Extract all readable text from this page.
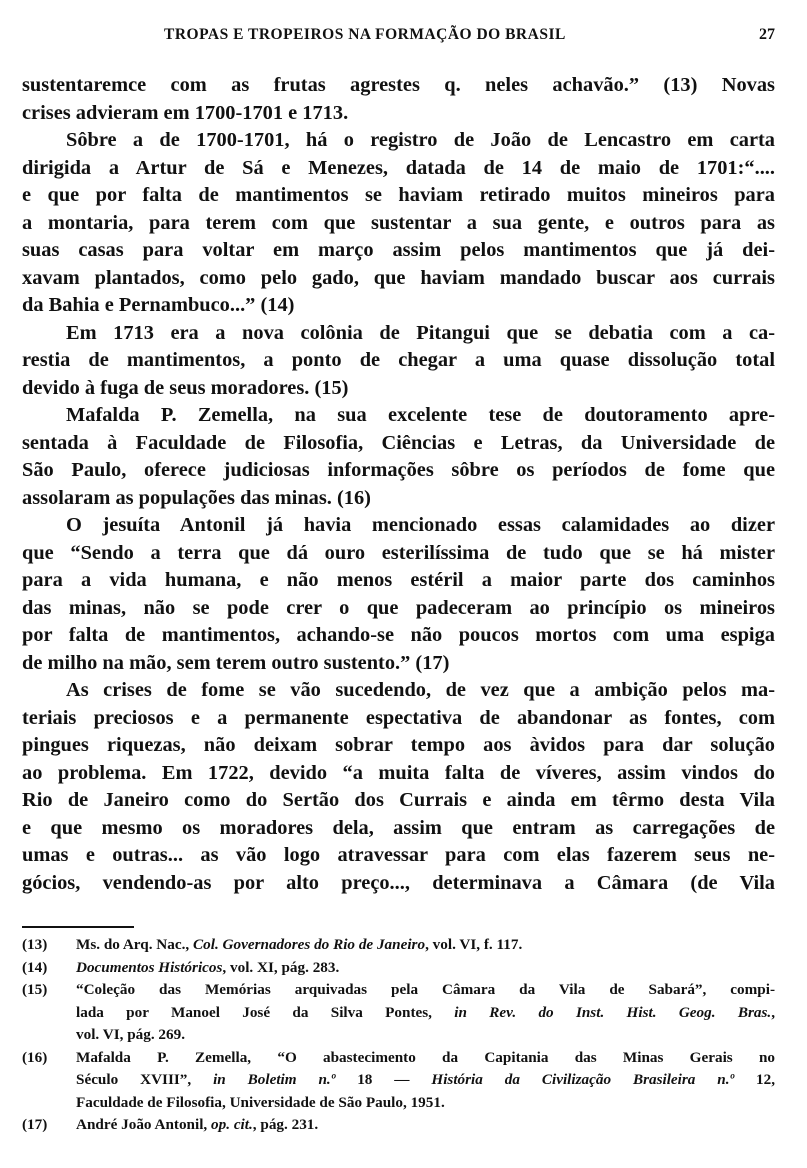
TROPAS E TROPEIROS NA FORMAÇÃO DO BRASIL	27
sustentaremce com as frutas agrestes q. neles achavão.” (13) Novas
crises advieram em 1700-1701 e 1713.
Sôbre a de 1700-1701, há o registro de João de Lencastro em carta
dirigida a Artur de Sá e Menezes, datada de 14 de maio de 1701:“....
e que por falta de mantimentos se haviam retirado muitos mineiros para
a montaria, para terem com que sustentar a sua gente, e outros para as
suas casas para voltar em março assim pelos mantimentos que já dei-
xavam plantados, como pelo gado, que haviam mandado buscar aos currais
da Bahia e Pernambuco...” (14)
Em 1713 era a nova colônia de Pitangui que se debatia com a ca-
restia de mantimentos, a ponto de chegar a uma quase dissolução total
devido à fuga de seus moradores. (15)
Mafalda P. Zemella, na sua excelente tese de doutoramento apre-
sentada à Faculdade de Filosofia, Ciências e Letras, da Universidade de
São Paulo, oferece judiciosas informações sôbre os períodos de fome que
assolaram as populações das minas. (16)
O jesuíta Antonil já havia mencionado essas calamidades ao dizer
que “Sendo a terra que dá ouro esterilíssima de tudo que se há mister
para a vida humana, e não menos estéril a maior parte dos caminhos
das minas, não se pode crer o que padeceram ao princípio os mineiros
por falta de mantimentos, achando-se não poucos mortos com uma espiga
de milho na mão, sem terem outro sustento.” (17)
As crises de fome se vão sucedendo, de vez que a ambição pelos ma-
teriais preciosos e a permanente espectativa de abandonar as fontes, com
pingues riquezas, não deixam sobrar tempo aos àvidos para dar solução
ao problema. Em 1722, devido “a muita falta de víveres, assim vindos do
Rio de Janeiro como do Sertão dos Currais e ainda em têrmo desta Vila
e que mesmo os moradores dela, assim que entram as carregações de
umas e outras... as vão logo atravessar para com elas fazerem seus ne-
gócios, vendendo-as por alto preço..., determinava a Câmara (de Vila
(13)	Ms. do Arq. Nac., Col. Governadores do Rio de Janeiro, vol. VI, f. 117.
(14)	Documentos Históricos, vol. XI, pág. 283.
(15)	“Coleção das Memórias arquivadas pela Câmara da Vila de Sabará”, compi-
lada por Manoel José da Silva Pontes, in Rev. do Inst. Hist. Geog. Bras.,
vol. VI, pág. 269.
(16)	Mafalda P. Zemella, “O abastecimento da Capitania das Minas Gerais no
Século XVIII”, in Boletim n.º 18 — História da Civilização Brasileira n.º 12,
Faculdade de Filosofia, Universidade de São Paulo, 1951.
(17)	André João Antonil, op. cit., pág. 231.
